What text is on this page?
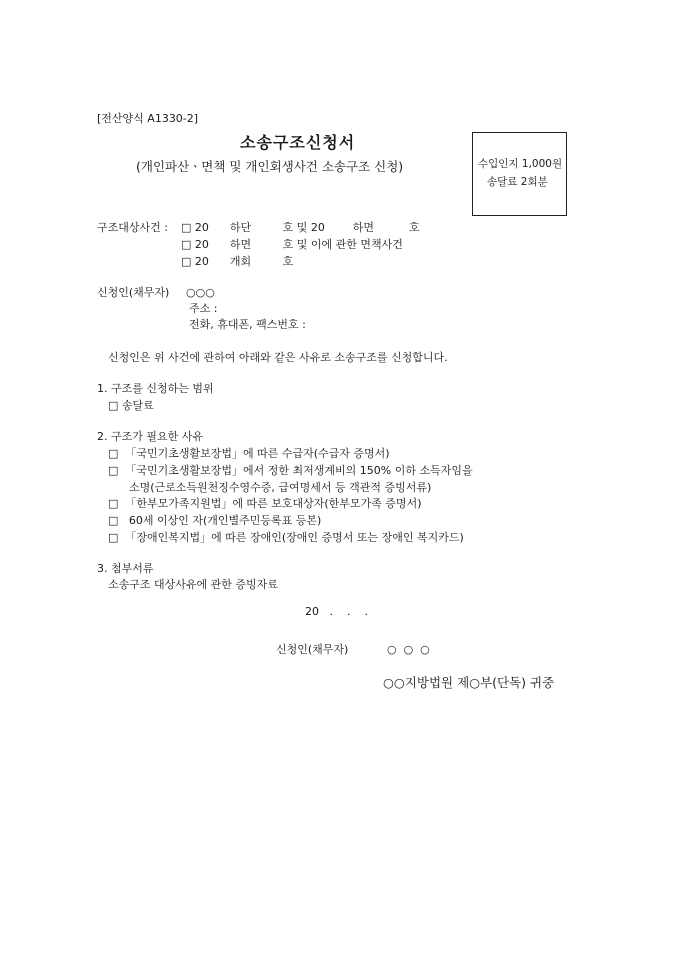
[전산양식 A1330-2]
소송구조신청서
(개인파산ㆍ면책 및 개인회생사건 소송구조 신청)	수입인지 1,000원
송달료 2회분
구조대상사건 : □ 20      하단         호 및 20        하면          호
□ 20      하면         호 및 이에 관한 면책사건
□ 20      개회         호
신청인(채무자) ○○○
주소 :
전화, 휴대폰, 팩스번호 :
신청인은 위 사건에 관하여 아래와 같은 사유로 소송구조를 신청합니다.
1. 구조를 신청하는 범위
□ 송달료
2. 구조가 필요한 사유
□  「국민기초생활보장법」에 따른 수급자(수급자 증명서)
□  「국민기초생활보장법」에서 정한 최저생계비의 150% 이하 소득자임을
소명(근로소득원천징수영수증, 급여명세서 등 객관적 증빙서류)
□  「한부모가족지원법」에 따른 보호대상자(한부모가족 증명서)
□   60세 이상인 자(개인별주민등록표 등본)
□  「장애인복지법」에 따른 장애인(장애인 증명서 또는 장애인 복지카드)
3. 첨부서류
소송구조 대상사유에 관한 증빙자료
20   .    .    .
신청인(채무자)	○  ○  ○
○○지방법원 제○부(단독) 귀중
